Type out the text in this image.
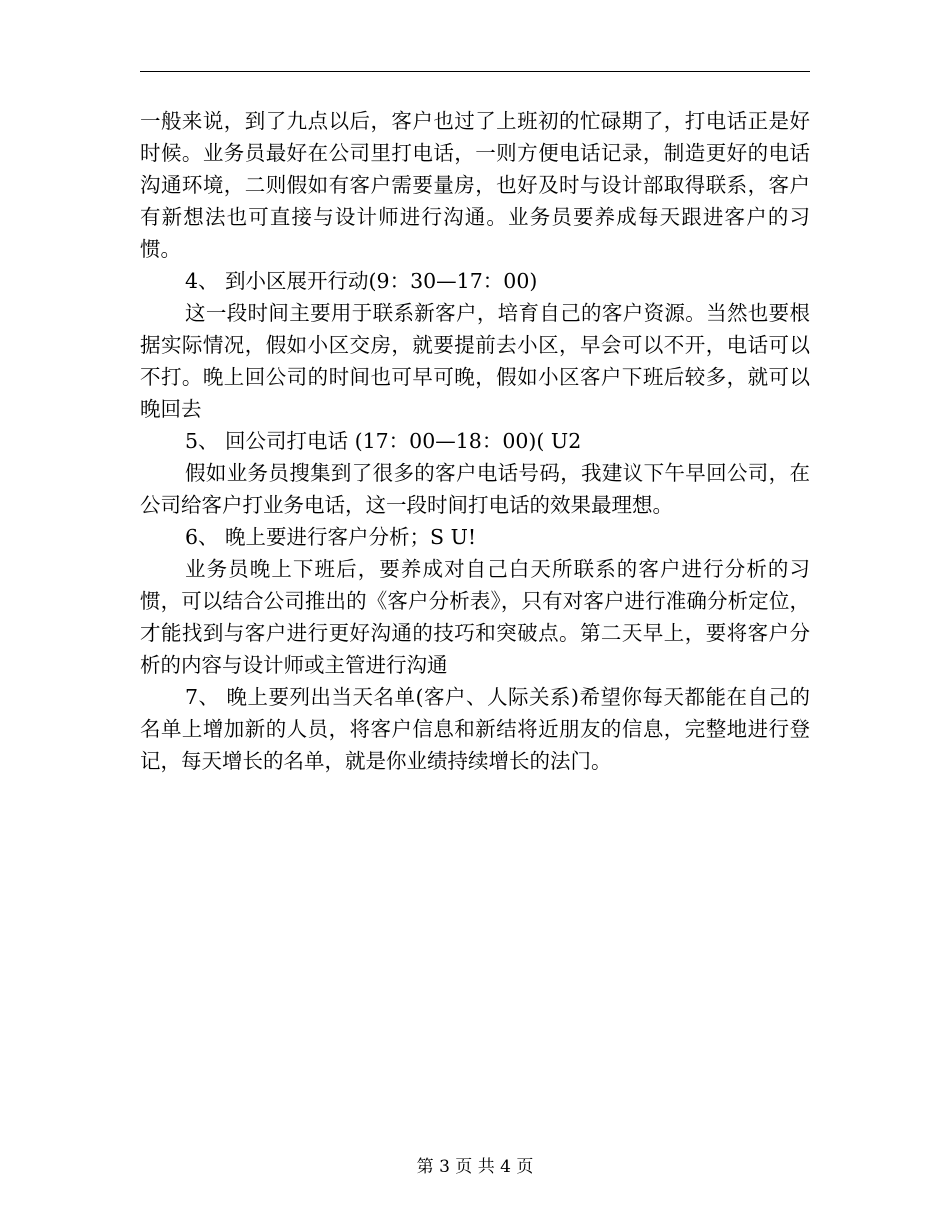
一般来说，到了九点以后，客户也过了上班初的忙碌期了，打电话正是好时候。业务员最好在公司里打电话，一则方便电话记录，制造更好的电话沟通环境，二则假如有客户需要量房，也好及时与设计部取得联系，客户有新想法也可直接与设计师进行沟通。业务员要养成每天跟进客户的习惯。

4、 到小区展开行动(9：30—17：00)

这一段时间主要用于联系新客户，培育自己的客户资源。当然也要根据实际情况，假如小区交房，就要提前去小区，早会可以不开，电话可以不打。晚上回公司的时间也可早可晚，假如小区客户下班后较多，就可以晚回去

5、 回公司打电话 (17：00—18：00)( U2

假如业务员搜集到了很多的客户电话号码，我建议下午早回公司，在公司给客户打业务电话，这一段时间打电话的效果最理想。

6、 晚上要进行客户分析；S U!

业务员晚上下班后，要养成对自己白天所联系的客户进行分析的习惯，可以结合公司推出的《客户分析表》，只有对客户进行准确分析定位，才能找到与客户进行更好沟通的技巧和突破点。第二天早上，要将客户分析的内容与设计师或主管进行沟通

7、 晚上要列出当天名单(客户、人际关系)希望你每天都能在自己的名单上增加新的人员，将客户信息和新结将近朋友的信息，完整地进行登记，每天增长的名单，就是你业绩持续增长的法门。

第 3 页 共 4 页
